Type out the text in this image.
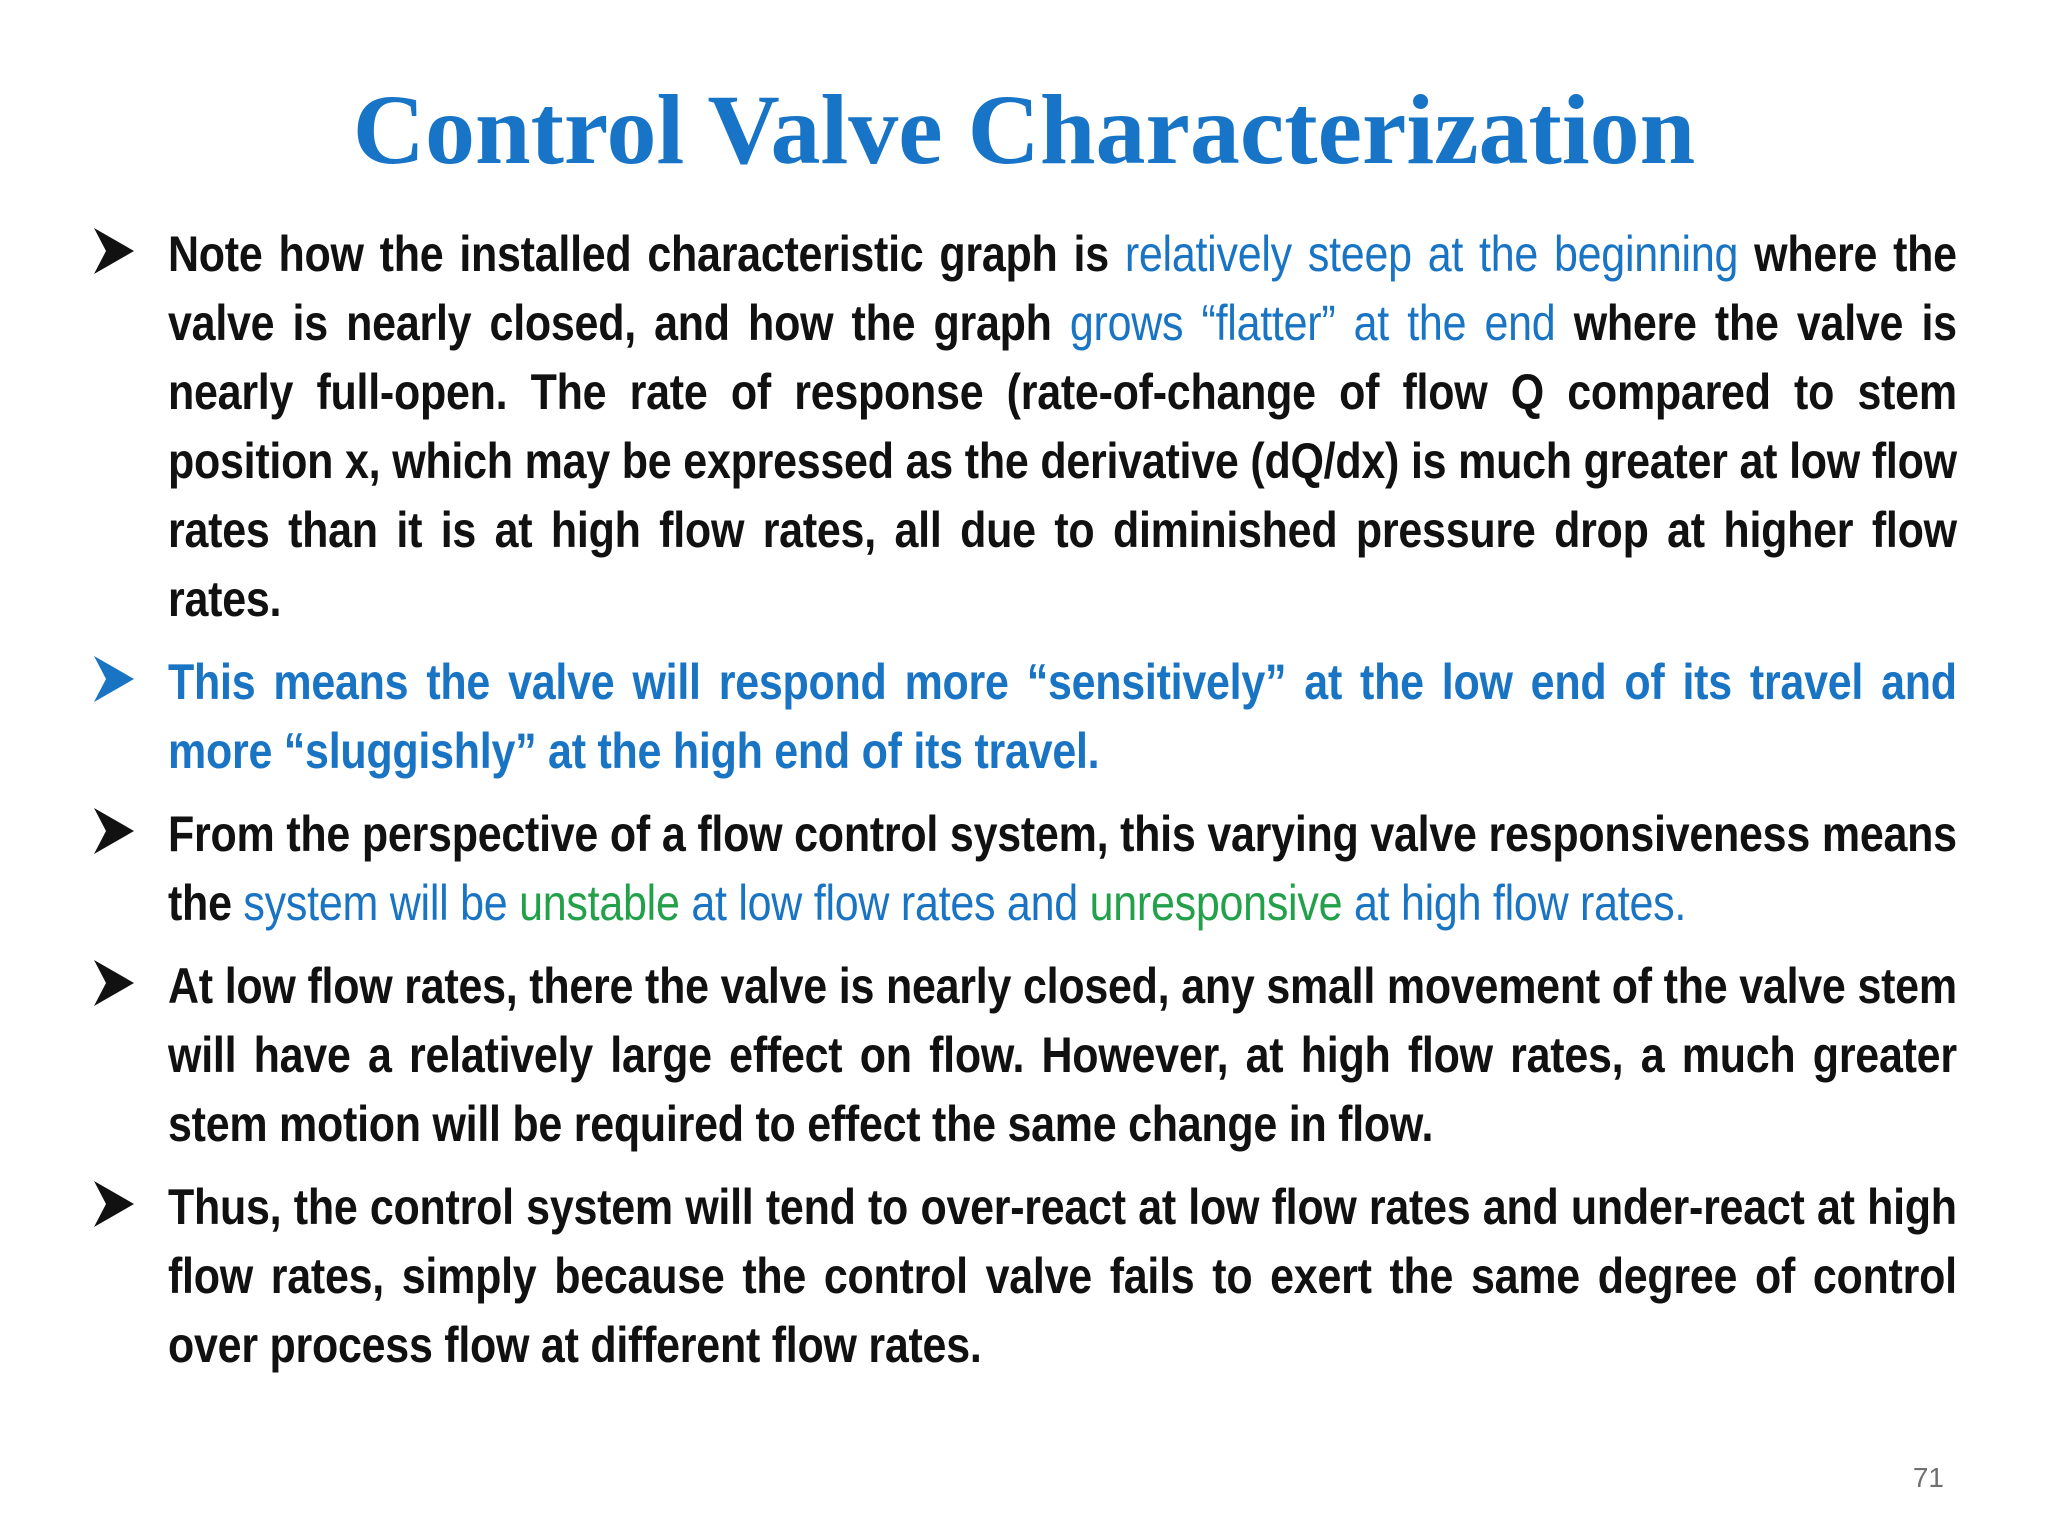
Control Valve Characterization
Note how the installed characteristic graph is relatively steep at the beginning where the valve is nearly closed, and how the graph grows “flatter” at the end where the valve is nearly full-open. The rate of response (rate-of-change of flow Q compared to stem position x, which may be expressed as the derivative (dQ/dx) is much greater at low flow rates than it is at high flow rates, all due to diminished pressure drop at higher flow rates.
This means the valve will respond more “sensitively” at the low end of its travel and more “sluggishly” at the high end of its travel.
From the perspective of a flow control system, this varying valve responsiveness means the system will be unstable at low flow rates and unresponsive at high flow rates.
At low flow rates, there the valve is nearly closed, any small movement of the valve stem will have a relatively large effect on flow. However, at high flow rates, a much greater stem motion will be required to effect the same change in flow.
Thus, the control system will tend to over-react at low flow rates and under-react at high flow rates, simply because the control valve fails to exert the same degree of control over process flow at different flow rates.
71
